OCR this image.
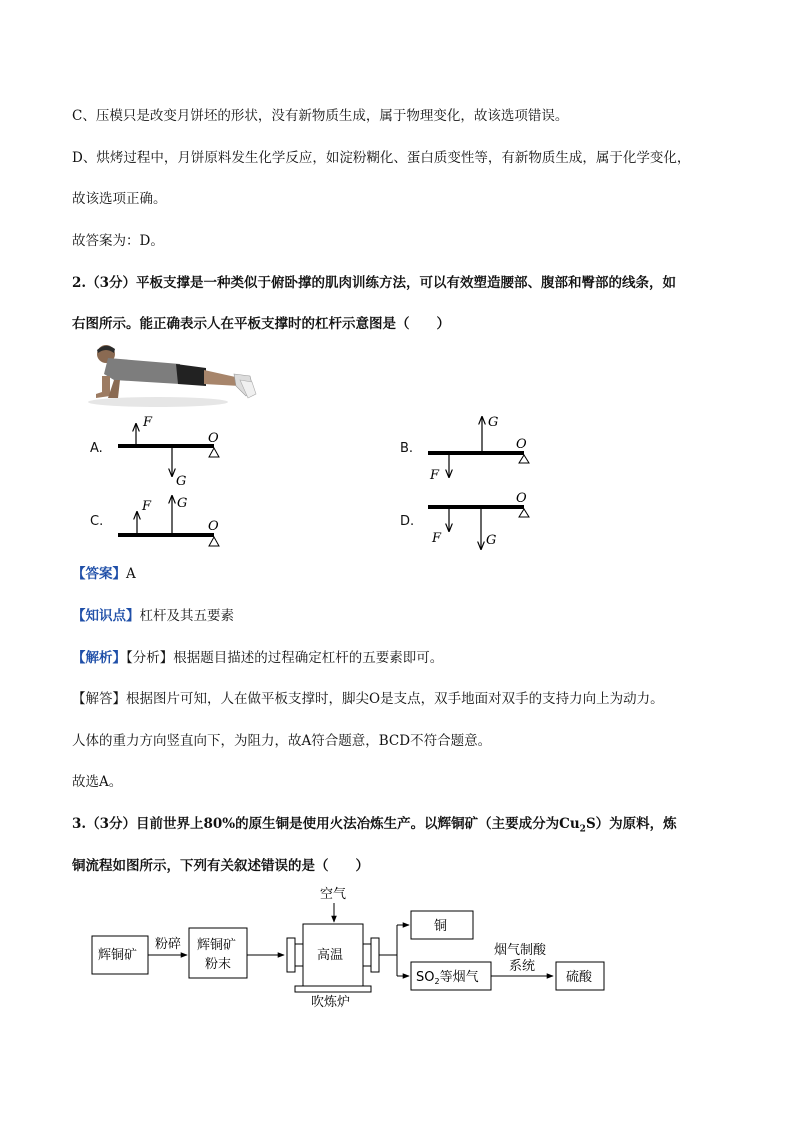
C、压模只是改变月饼坯的形状，没有新物质生成，属于物理变化，故该选项错误。
D、烘烤过程中，月饼原料发生化学反应，如淀粉糊化、蛋白质变性等，有新物质生成，属于化学变化，
故该选项正确。
故答案为：D。
2.（3分）平板支撑是一种类似于俯卧撑的肌肉训练方法，可以有效塑造腰部、腹部和臀部的线条，如
右图所示。能正确表示人在平板支撑时的杠杆示意图是（　　）
A.	B.
C.	D.
F
G
O
G
F
O
F G
O
F	G
O
【答案】A
【知识点】杠杆及其五要素
【解析】【分析】根据题目描述的过程确定杠杆的五要素即可。
【解答】根据图片可知，人在做平板支撑时，脚尖O是支点，双手地面对双手的支持力向上为动力。
人体的重力方向竖直向下，为阻力，故A符合题意，BCD不符合题意。
故选A。
3.（3分）目前世界上80%的原生铜是使用火法冶炼生产。以辉铜矿（主要成分为$Cu_2S$）为原料，炼
铜流程如图所示，下列有关叙述错误的是（　　）
空气
辉铜矿
粉碎 辉铜矿
粉末
高温
吹炼炉
铜
$SO_2$等烟气
烟气制酸
系统
硫酸
